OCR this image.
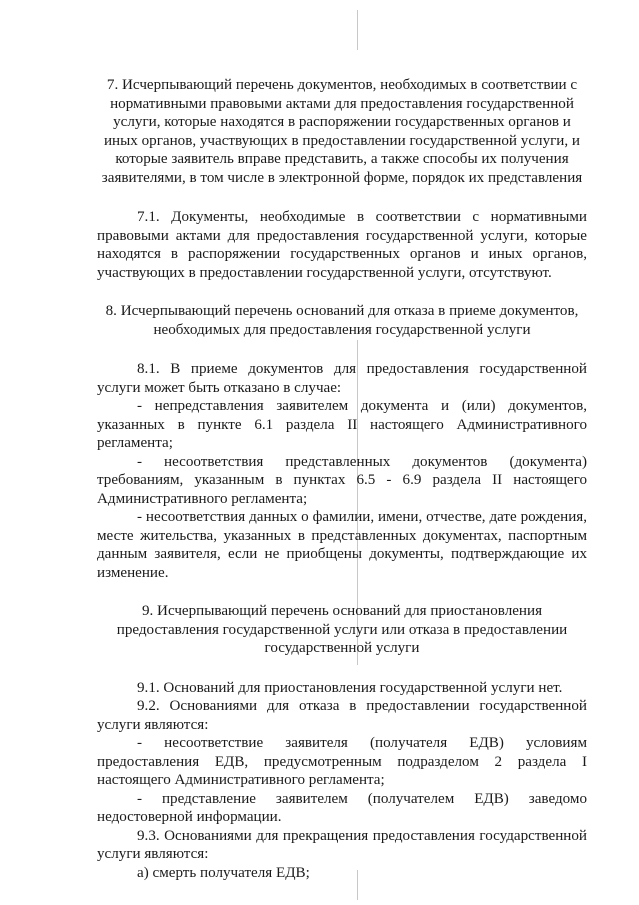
7. Исчерпывающий перечень документов, необходимых в соответствии с
нормативными правовыми актами для предоставления государственной
услуги, которые находятся в распоряжении государственных органов и
иных органов, участвующих в предоставлении государственной услуги, и
которые заявитель вправе представить, а также способы их получения
заявителями, в том числе в электронной форме, порядок их представления

7.1. Документы, необходимые в соответствии с нормативными правовыми актами для предоставления государственной услуги, которые находятся в распоряжении государственных органов и иных органов, участвующих в предоставлении государственной услуги, отсутствуют.

8. Исчерпывающий перечень оснований для отказа в приеме документов,
необходимых для предоставления государственной услуги

8.1. В приеме документов для предоставления государственной услуги может быть отказано в случае:

- непредставления заявителем документа и (или) документов, указанных в пункте 6.1 раздела II настоящего Административного регламента;

- несоответствия представленных документов (документа) требованиям, указанным в пунктах 6.5 - 6.9 раздела II настоящего Административного регламента;

- несоответствия данных о фамилии, имени, отчестве, дате рождения, месте жительства, указанных в представленных документах, паспортным данным заявителя, если не приобщены документы, подтверждающие их изменение.

9. Исчерпывающий перечень оснований для приостановления
предоставления государственной услуги или отказа в предоставлении
государственной услуги

9.1. Оснований для приостановления государственной услуги нет.

9.2. Основаниями для отказа в предоставлении государственной услуги являются:

- несоответствие заявителя (получателя ЕДВ) условиям предоставления ЕДВ, предусмотренным подразделом 2 раздела I настоящего Административного регламента;

- представление заявителем (получателем ЕДВ) заведомо недостоверной информации.

9.3. Основаниями для прекращения предоставления государственной услуги являются:

а) смерть получателя ЕДВ;
